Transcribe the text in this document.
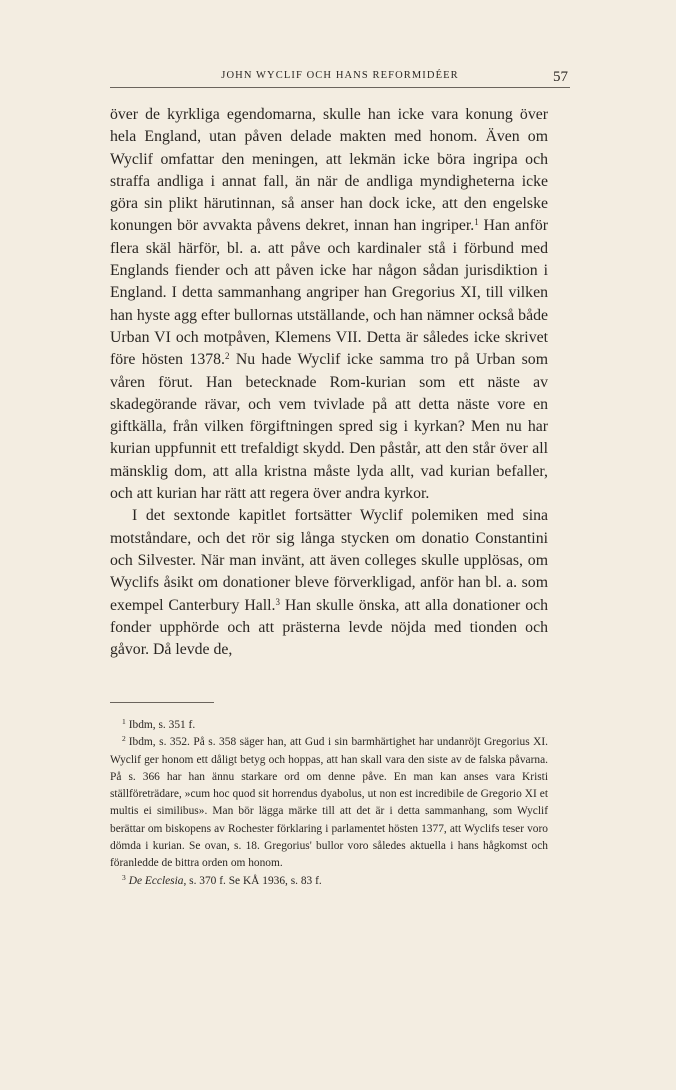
JOHN WYCLIF OCH HANS REFORMIDÉER	57

över de kyrkliga egendomarna, skulle han icke vara konung över hela England, utan påven delade makten med honom. Även om Wyclif omfattar den meningen, att lekmän icke böra ingripa och straffa andliga i annat fall, än när de andliga myndigheterna icke göra sin plikt härutinnan, så anser han dock icke, att den engelske konungen bör avvakta påvens dekret, innan han ingriper.$^1$ Han anför flera skäl härför, bl. a. att påve och kardinaler stå i förbund med Englands fiender och att påven icke har någon sådan jurisdiktion i England. I detta sammanhang angriper han Gregorius XI, till vilken han hyste agg efter bullornas utställande, och han nämner också både Urban VI och motpåven, Klemens VII. Detta är således icke skrivet före hösten 1378.$^2$ Nu hade Wyclif icke samma tro på Urban som våren förut. Han betecknade Rom-kurian som ett näste av skadegörande rävar, och vem tvivlade på att detta näste vore en giftkälla, från vilken förgiftningen spred sig i kyrkan? Men nu har kurian uppfunnit ett trefaldigt skydd. Den påstår, att den står över all mänsklig dom, att alla kristna måste lyda allt, vad kurian befaller, och att kurian har rätt att regera över andra kyrkor.

I det sextonde kapitlet fortsätter Wyclif polemiken med sina motståndare, och det rör sig långa stycken om donatio Constantini och Silvester. När man invänt, att även colleges skulle upplösas, om Wyclifs åsikt om donationer bleve förverkligad, anför han bl. a. som exempel Canterbury Hall.$^3$ Han skulle önska, att alla donationer och fonder upphörde och att prästerna levde nöjda med tionden och gåvor. Då levde de,

$^1$ Ibdm, s. 351 f.

$^2$ Ibdm, s. 352. På s. 358 säger han, att Gud i sin barmhärtighet har undanröjt Gregorius XI. Wyclif ger honom ett dåligt betyg och hoppas, att han skall vara den siste av de falska påvarna. På s. 366 har han ännu starkare ord om denne påve. En man kan anses vara Kristi ställföreträdare, »cum hoc quod sit horrendus dyabolus, ut non est incredibile de Gregorio XI et multis ei similibus». Man bör lägga märke till att det är i detta sammanhang, som Wyclif berättar om biskopens av Rochester förklaring i parlamentet hösten 1377, att Wyclifs teser voro dömda i kurian. Se ovan, s. 18. Gregorius' bullor voro således aktuella i hans hågkomst och föranledde de bittra orden om honom.

$^3$ De Ecclesia, s. 370 f. Se KÅ 1936, s. 83 f.
